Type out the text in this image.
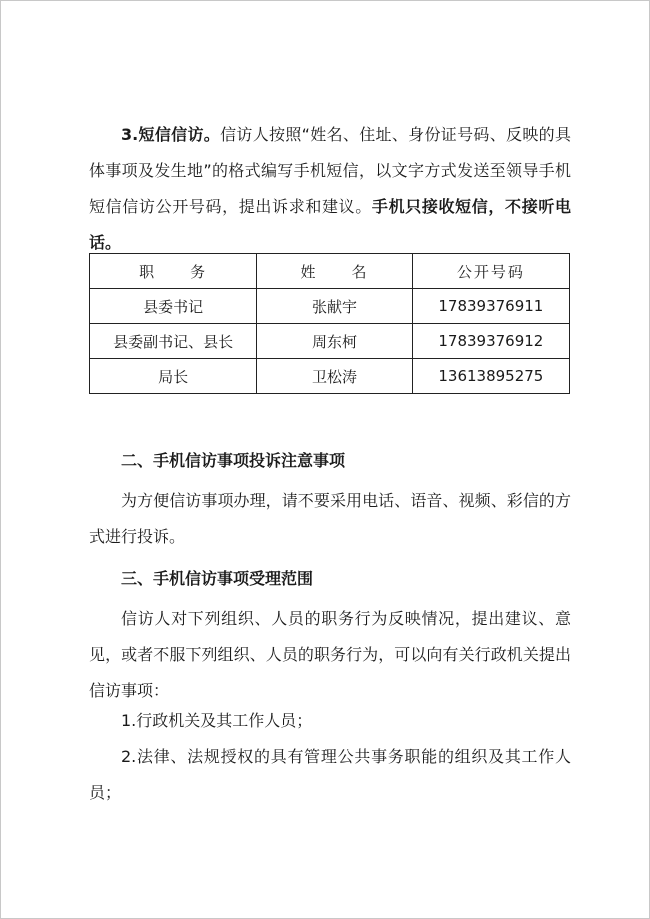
3.短信信访。信访人按照“姓名、住址、身份证号码、反映的具体事项及发生地”的格式编写手机短信，以文字方式发送至领导手机短信信访公开号码，提出诉求和建议。手机只接收短信，不接听电话。

职　　务	姓　　名	公开号码
县委书记	张献宇	17839376911
县委副书记、县长	周东柯	17839376912
局长	卫松涛	13613895275

二、手机信访事项投诉注意事项

为方便信访事项办理，请不要采用电话、语音、视频、彩信的方式进行投诉。

三、手机信访事项受理范围

信访人对下列组织、人员的职务行为反映情况，提出建议、意见，或者不服下列组织、人员的职务行为，可以向有关行政机关提出信访事项：

1.行政机关及其工作人员；

2.法律、法规授权的具有管理公共事务职能的组织及其工作人员；
